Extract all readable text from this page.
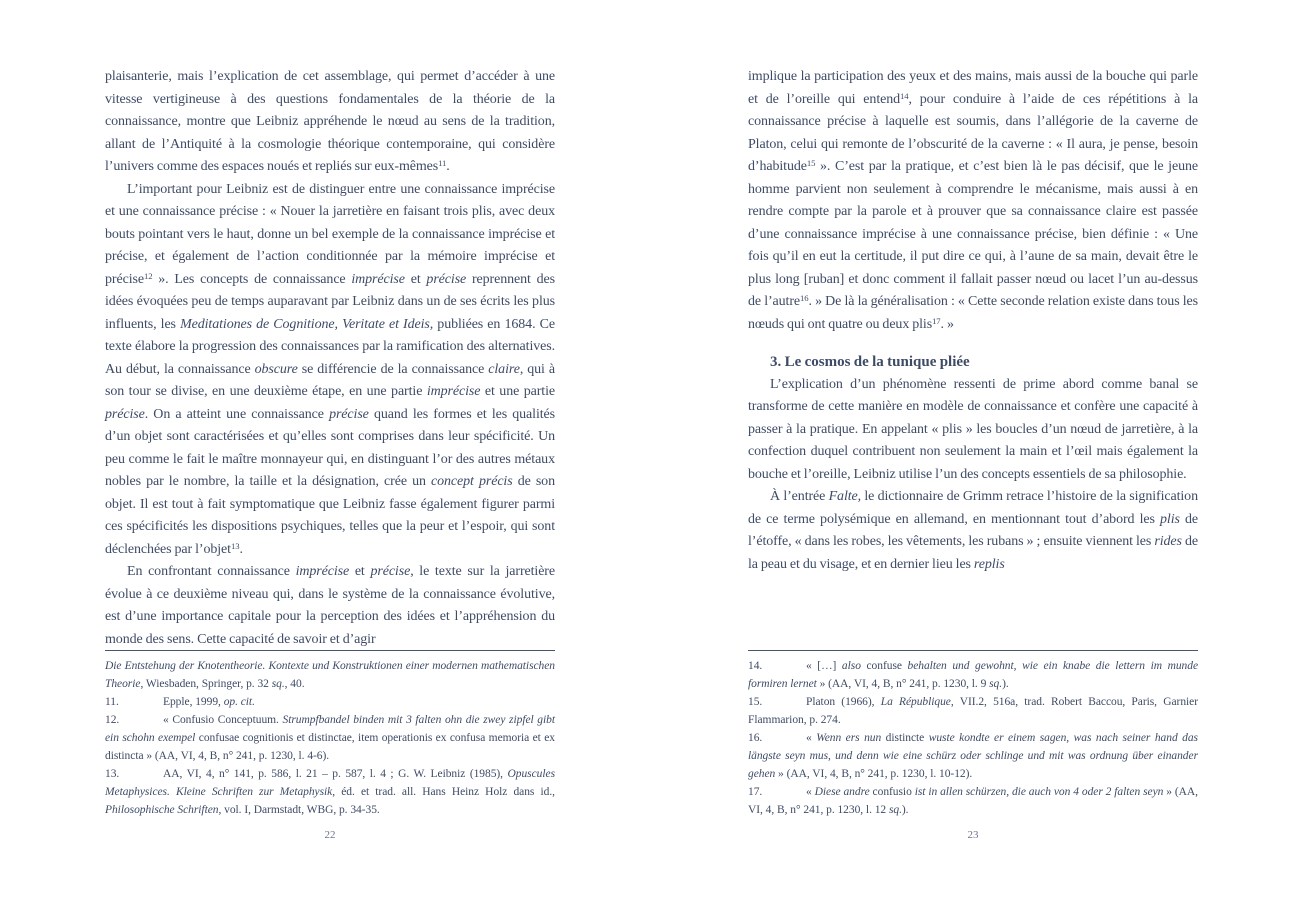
plaisanterie, mais l’explication de cet assemblage, qui permet d’accéder à une vitesse vertigineuse à des questions fondamentales de la théorie de la connaissance, montre que Leibniz appréhende le nœud au sens de la tradition, allant de l’Antiquité à la cosmologie théorique contemporaine, qui considère l’univers comme des espaces noués et repliés sur eux-mêmes$^{11}$.

L’important pour Leibniz est de distinguer entre une connaissance imprécise et une connaissance précise : « Nouer la jarretière en faisant trois plis, avec deux bouts pointant vers le haut, donne un bel exemple de la connaissance imprécise et précise, et également de l’action conditionnée par la mémoire imprécise et précise$^{12}$ ». Les concepts de connaissance imprécise et précise reprennent des idées évoquées peu de temps auparavant par Leibniz dans un de ses écrits les plus influents, les Meditationes de Cognitione, Veritate et Ideis, publiées en 1684. Ce texte élabore la progression des connaissances par la ramification des alternatives. Au début, la connaissance obscure se différencie de la connaissance claire, qui à son tour se divise, en une deuxième étape, en une partie imprécise et une partie précise. On a atteint une connaissance précise quand les formes et les qualités d’un objet sont caractérisées et qu’elles sont comprises dans leur spécificité. Un peu comme le fait le maître monnayeur qui, en distinguant l’or des autres métaux nobles par le nombre, la taille et la désignation, crée un concept précis de son objet. Il est tout à fait symptomatique que Leibniz fasse également figurer parmi ces spécificités les dispositions psychiques, telles que la peur et l’espoir, qui sont déclenchées par l’objet$^{13}$.

En confrontant connaissance imprécise et précise, le texte sur la jarretière évolue à ce deuxième niveau qui, dans le système de la connaissance évolutive, est d’une importance capitale pour la perception des idées et l’appréhension du monde des sens. Cette capacité de savoir et d’agir

Die Entstehung der Knotentheorie. Kontexte und Konstruktionen einer modernen mathematischen Theorie, Wiesbaden, Springer, p. 32 sq., 40.

11.	Epple, 1999, op. cit.

12.	« Confusio Conceptuum. Strumpfbandel binden mit 3 falten ohn die zwey zipfel gibt ein schohn exempel confusae cognitionis et distinctae, item operationis ex confusa memoria et ex distincta » (AA, VI, 4, B, n° 241, p. 1230, l. 4-6).

13.	AA, VI, 4, n° 141, p. 586, l. 21 – p. 587, l. 4 ; G. W. Leibniz (1985), Opuscules Metaphysices. Kleine Schriften zur Metaphysik, éd. et trad. all. Hans Heinz Holz dans id., Philosophische Schriften, vol. I, Darmstadt, WBG, p. 34-35.

22

implique la participation des yeux et des mains, mais aussi de la bouche qui parle et de l’oreille qui entend$^{14}$, pour conduire à l’aide de ces répétitions à la connaissance précise à laquelle est soumis, dans l’allégorie de la caverne de Platon, celui qui remonte de l’obscurité de la caverne : « Il aura, je pense, besoin d’habitude$^{15}$ ». C’est par la pratique, et c’est bien là le pas décisif, que le jeune homme parvient non seulement à comprendre le mécanisme, mais aussi à en rendre compte par la parole et à prouver que sa connaissance claire est passée d’une connaissance imprécise à une connaissance précise, bien définie : « Une fois qu’il en eut la certitude, il put dire ce qui, à l’aune de sa main, devait être le plus long [ruban] et donc comment il fallait passer nœud ou lacet l’un au-dessus de l’autre$^{16}$. » De là la généralisation : « Cette seconde relation existe dans tous les nœuds qui ont quatre ou deux plis$^{17}$. »

3. Le cosmos de la tunique pliée

L’explication d’un phénomène ressenti de prime abord comme banal se transforme de cette manière en modèle de connaissance et confère une capacité à passer à la pratique. En appelant « plis » les boucles d’un nœud de jarretière, à la confection duquel contribuent non seulement la main et l’œil mais également la bouche et l’oreille, Leibniz utilise l’un des concepts essentiels de sa philosophie.

À l’entrée Falte, le dictionnaire de Grimm retrace l’histoire de la signification de ce terme polysémique en allemand, en mentionnant tout d’abord les plis de l’étoffe, « dans les robes, les vêtements, les rubans » ; ensuite viennent les rides de la peau et du visage, et en dernier lieu les replis

14.	« […] also confuse behalten und gewohnt, wie ein knabe die lettern im munde formiren lernet » (AA, VI, 4, B, n° 241, p. 1230, l. 9 sq.).

15.	Platon (1966), La République, VII.2, 516a, trad. Robert Baccou, Paris, Garnier Flammarion, p. 274.

16.	« Wenn ers nun distincte wuste kondte er einem sagen, was nach seiner hand das längste seyn mus, und denn wie eine schürz oder schlinge und mit was ordnung über einander gehen » (AA, VI, 4, B, n° 241, p. 1230, l. 10-12).

17.	« Diese andre confusio ist in allen schürzen, die auch von 4 oder 2 falten seyn » (AA, VI, 4, B, n° 241, p. 1230, l. 12 sq.).

23
